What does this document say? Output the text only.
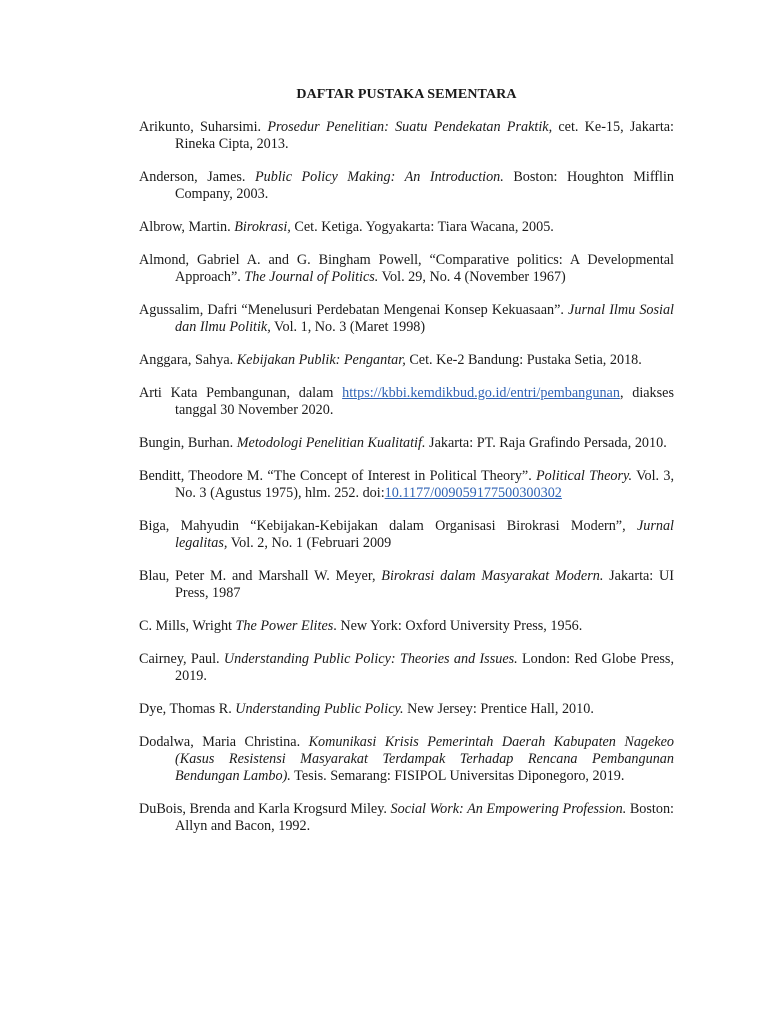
DAFTAR PUSTAKA SEMENTARA

Arikunto, Suharsimi. Prosedur Penelitian: Suatu Pendekatan Praktik, cet. Ke-15, Jakarta: Rineka Cipta, 2013.

Anderson, James. Public Policy Making: An Introduction. Boston: Houghton Mifflin Company, 2003.

Albrow, Martin. Birokrasi, Cet. Ketiga. Yogyakarta: Tiara Wacana, 2005.

Almond, Gabriel A. and G. Bingham Powell, “Comparative politics: A Developmental Approach”. The Journal of Politics. Vol. 29, No. 4 (November 1967)

Agussalim, Dafri “Menelusuri Perdebatan Mengenai Konsep Kekuasaan”. Jurnal Ilmu Sosial dan Ilmu Politik, Vol. 1, No. 3 (Maret 1998)

Anggara, Sahya. Kebijakan Publik: Pengantar, Cet. Ke-2 Bandung: Pustaka Setia, 2018.

Arti Kata Pembangunan, dalam https://kbbi.kemdikbud.go.id/entri/pembangunan, diakses tanggal 30 November 2020.

Bungin, Burhan. Metodologi Penelitian Kualitatif. Jakarta: PT. Raja Grafindo Persada, 2010.

Benditt, Theodore M. “The Concept of Interest in Political Theory”. Political Theory. Vol. 3, No. 3 (Agustus 1975), hlm. 252. doi:10.1177/009059177500300302

Biga, Mahyudin “Kebijakan-Kebijakan dalam Organisasi Birokrasi Modern”, Jurnal legalitas, Vol. 2, No. 1 (Februari 2009

Blau, Peter M. and Marshall W. Meyer, Birokrasi dalam Masyarakat Modern. Jakarta: UI Press, 1987

C. Mills, Wright The Power Elites. New York: Oxford University Press, 1956.

Cairney, Paul. Understanding Public Policy: Theories and Issues. London: Red Globe Press, 2019.

Dye, Thomas R. Understanding Public Policy. New Jersey: Prentice Hall, 2010.

Dodalwa, Maria Christina. Komunikasi Krisis Pemerintah Daerah Kabupaten Nagekeo (Kasus Resistensi Masyarakat Terdampak Terhadap Rencana Pembangunan Bendungan Lambo). Tesis. Semarang: FISIPOL Universitas Diponegoro, 2019.

DuBois, Brenda and Karla Krogsurd Miley. Social Work: An Empowering Profession. Boston: Allyn and Bacon, 1992.
